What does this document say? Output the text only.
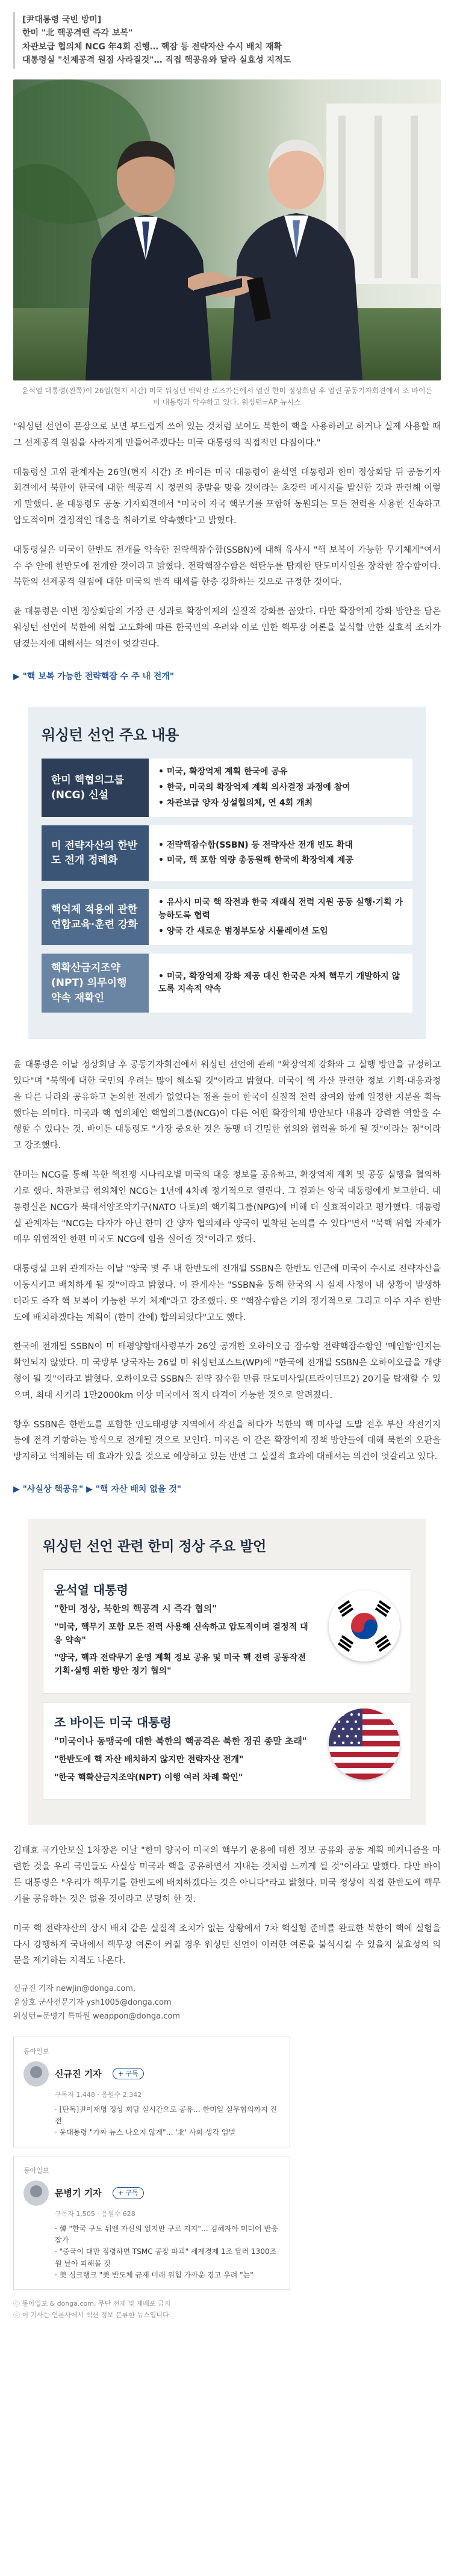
[尹대통령 국빈 방미]

한미 "北 핵공격땐 즉각 보복"

차관보급 협의체 NCG 年4회 진행… 핵잠 등 전략자산 수시 배치 재확

대통령실 "선제공격 원점 사라질것"… 직접 핵공유와 달라 실효성 지적도

윤석열 대통령(왼쪽)이 26일(현지 시간) 미국 워싱턴 백악관 로즈가든에서 열린 한미 정상회담 후 열린 공동기자회견에서 조 바이든 미 대통령과 악수하고 있다. 워싱턴=AP 뉴시스

"워싱턴 선언이 문장으로 보면 부드럽게 쓰여 있는 것처럼 보여도 북한이 핵을 사용하려고 하거나 실제 사용할 때 그 선제공격 원점을 사라지게 만들어주겠다는 미국 대통령의 직접적인 다짐이다."

대통령실 고위 관계자는 26일(현지 시간) 조 바이든 미국 대통령이 윤석열 대통령과 한미 정상회담 뒤 공동기자회견에서 북한이 한국에 대한 핵공격 시 정권의 종말을 맞을 것이라는 초강력 메시지를 발신한 것과 관련해 이렇게 말했다. 윤 대통령도 공동 기자회견에서 "미국이 자국 핵무기를 포함해 동원되는 모든 전력을 사용한 신속하고 압도적이며 결정적인 대응을 취하기로 약속했다"고 밝혔다.

대통령실은 미국이 한반도 전개를 약속한 전략핵잠수함(SSBN)에 대해 유사시 "핵 보복이 가능한 무기체계"여서 수 주 안에 한반도에 전개할 것이라고 밝혔다. 전략핵잠수함은 핵탄두를 탑재한 탄도미사일을 장착한 잠수함이다. 북한의 선제공격 원점에 대한 미국의 반격 태세를 한층 강화하는 것으로 규정한 것이다.

윤 대통령은 이번 정상회담의 가장 큰 성과로 확장억제의 실질적 강화를 꼽았다. 다만 확장억제 강화 방안을 담은 워싱턴 선언에 북한에 위협 고도화에 따른 한국민의 우려와 이로 인한 핵무장 여론을 불식할 만한 실효적 조치가 담겼는지에 대해서는 의견이 엇갈린다.

▶ "핵 보복 가능한 전략핵잠 수 주 내 전개"

워싱턴 선언 주요 내용
한미 핵협의그룹(NCG) 신설

• 미국, 확장억제 계획 한국에 공유

• 한국, 미국의 확장억제 계획 의사결정 과정에 참여

• 차관보급 양자 상설협의체, 연 4회 개최

미 전략자산의 한반도 전개 정례화

• 전략핵잠수함(SSBN) 등 전략자산 전개 빈도 확대

• 미국, 핵 포함 역량 총동원해 한국에 확장억제 제공

핵억제 적용에 관한 연합교육·훈련 강화

• 유사시 미국 핵 작전과 한국 재래식 전력 지원 공동 실행·기획 가능하도록 협력

• 양국 간 새로운 범정부도상 시뮬레이션 도입

핵확산금지조약(NPT) 의무이행 약속 재확인

• 미국, 확장억제 강화 제공 대신 한국은 자체 핵무기 개발하지 않도록 지속적 약속

윤 대통령은 이날 정상회담 후 공동기자회견에서 워싱턴 선언에 관해 "확장억제 강화와 그 실행 방안을 규정하고 있다"며 "북핵에 대한 국민의 우려는 많이 해소될 것"이라고 밝혔다. 미국이 핵 자산 관련한 정보 기획·대응과정을 다른 나라와 공유하고 논의한 전례가 없었다는 점을 들어 한국이 실질적 전력 참여와 함께 일정한 지분을 획득했다는 의미다. 미국과 핵 협의체인 핵협의그룹(NCG)이 다른 어떤 확장억제 방안보다 내용과 강력한 역할을 수행할 수 있다는 것. 바이든 대통령도 "가장 중요한 것은 동맹 더 긴밀한 협의와 협력을 하게 될 것"이라는 점"이라고 강조했다.

한미는 NCG를 통해 북한 핵전쟁 시나리오별 미국의 대응 정보를 공유하고, 확장억제 계획 및 공동 실행을 협의하기로 했다. 차관보급 협의체인 NCG는 1년에 4차례 정기적으로 열린다. 그 결과는 양국 대통령에게 보고한다. 대통령실은 NCG가 북대서양조약기구(NATO 나토)의 핵기획그룹(NPG)에 비해 더 실효적이라고 평가했다. 대통령실 관계자는 "NCG는 다자가 아닌 한미 간 양자 협의체라 양국이 밀착된 논의를 수 있다"면서 "북핵 위협 자체가 매우 위협적인 한편 미국도 NCG에 힘을 실어줄 것"이라고 했다.

대통령실 고위 관계자는 이날 "양국 몇 주 내 한반도에 전개될 SSBN은 한반도 인근에 미국이 수시로 전략자산을 이동시키고 배치하게 될 것"이라고 밝혔다. 이 관계자는 "SSBN을 통해 한국의 시 실제 사정이 내 상황이 발생하더라도 즉각 핵 보복이 가능한 무기 체계"라고 강조했다. 또 "핵잠수함은 거의 정기적으로 그리고 아주 자주 한반도에 배치하겠다는 계획이 (한미 간에) 합의되었다"고도 했다.

한국에 전개될 SSBN이 미 태평양함대사령부가 26일 공개한 오하이오급 잠수함 전략핵잠수함인 '메인함'인지는 확인되지 않았다. 미 국방부 당국자는 26일 미 워싱턴포스트(WP)에 "한국에 전개될 SSBN은 오하이오급을 개량형이 될 것"이라고 밝혔다. 오하이오급 SSBN은 전략 잠수함 만큼 탄도미사일(트라이던트2) 20기를 탑재할 수 있으며, 최대 사거리 1만2000km 이상 미국에서 적지 타격이 가능한 것으로 알려졌다.

향후 SSBN은 한반도를 포함한 인도태평양 지역에서 작전을 하다가 북한의 핵 미사일 도발 전후 부산 작전기지 등에 전격 기항하는 방식으로 전개될 것으로 보인다. 미국은 이 같은 확장억제 정책 방안들에 대해 북한의 오판을 방지하고 억제하는 데 효과가 있을 것으로 예상하고 있는 반면 그 실질적 효과에 대해서는 의견이 엇갈리고 있다.

▶ "사실상 핵공유" ▶ "핵 자산 배치 없을 것"

워싱턴 선언 관련 한미 정상 주요 발언
윤석열 대통령
"한미 정상, 북한의 핵공격 시 즉각 협의"

"미국, 핵무기 포함 모든 전력 사용해 신속하고 압도적이며 결정적 대응 약속"

"양국, 핵과 전략무기 운영 계획 정보 공유 및 미국 핵 전력 공동작전 기획·실행 위한 방안 정기 협의"

조 바이든 미국 대통령
"미국이나 동맹국에 대한 북한의 핵공격은 북한 정권 종말 초래"

"한반도에 핵 자산 배치하지 않지만 전략자산 전개"

"한국 핵확산금지조약(NPT) 이행 여러 차례 확인"

김태효 국가안보실 1차장은 이날 "한미 양국이 미국의 핵무기 운용에 대한 정보 공유와 공동 계획 메커니즘을 마련한 것을 우리 국민들도 사실상 미국과 핵을 공유하면서 지내는 것처럼 느끼게 될 것"이라고 말했다. 다만 바이든 대통령은 "우리가 핵무기를 한반도에 배치하겠다는 것은 아니다"라고 밝혔다. 미국 정상이 직접 한반도에 핵무기를 공유하는 것은 없을 것이라고 분명히 한 것.

미국 핵 전략자산의 상시 배치 같은 실질적 조치가 없는 상황에서 7차 핵실험 준비를 완료한 북한이 핵에 실험을 다시 강행하게 국내에서 핵무장 여론이 커질 경우 워싱턴 선언이 이러한 여론을 불식시킬 수 있을지 실효성의 의문을 제기하는 지적도 나온다.

신규진 기자 newjin@donga.com,
윤상호 군사전문기자 ysh1005@donga.com
워싱턴=문병기 특파원 weappon@donga.com
동아일보
신규진 기자	+ 구독
구독자 1,448 · 응원수 2,342
· [단독]尹이재명 정상 회담 실시간으로 공유… 한미일 실무협의까지 진전
· 윤대통령 "가짜 뉴스 나오지 않게"… '北' 사회 생각 엄벌
동아일보
문병기 기자	+ 구독
구독자 1,505 · 응원수 628
· 韓 "한국 구도 뒤엔 자신의 없지만 구로 지지"… 김혜자아 미디어 반응 잡가
· "중국이 대만 점령하면 TSMC 공장 파괴" 세계경제 1조 달러 1300조원 날아 피해볼 것
· 美 싱크탱크 "美 반도체 규제 미래 위험 가까운 경고 우려 "는"
ⓒ 동아일보 & donga.com, 무단 전재 및 재배포 금지
ⓒ 이 기사는 언론사에서 섹션 정보 분류한 뉴스입니다.
